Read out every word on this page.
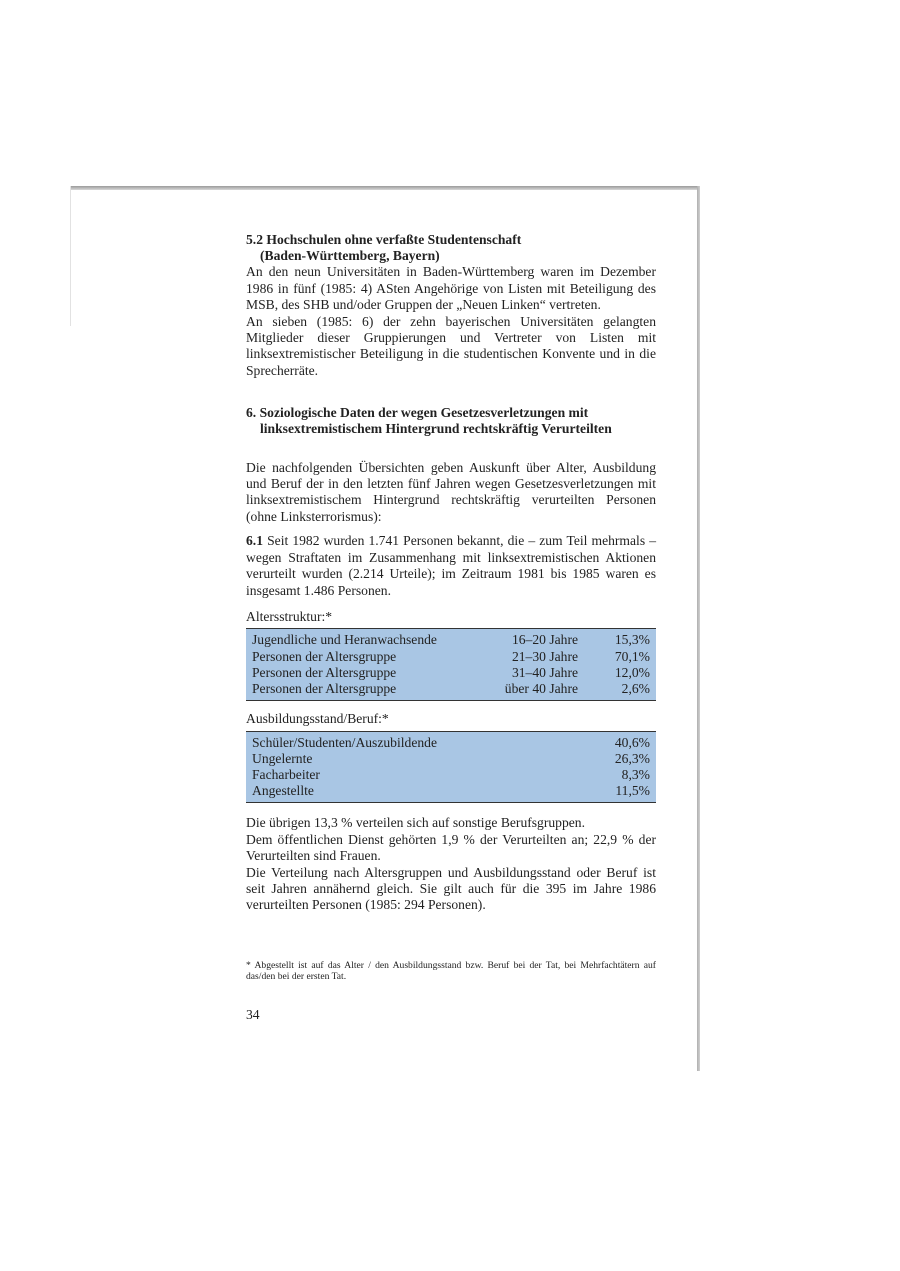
5.2 Hochschulen ohne verfaßte Studentenschaft
(Baden-Württemberg, Bayern)

An den neun Universitäten in Baden-Württemberg waren im Dezember 1986 in fünf (1985: 4) ASten Angehörige von Listen mit Beteiligung des MSB, des SHB und/oder Gruppen der „Neuen Linken“ vertreten.

An sieben (1985: 6) der zehn bayerischen Universitäten gelangten Mitglieder dieser Gruppierungen und Vertreter von Listen mit linksextremistischer Beteiligung in die studentischen Konvente und in die Sprecherräte.

6. Soziologische Daten der wegen Gesetzesverletzungen mit linksextremistischem Hintergrund rechtskräftig Verurteilten

Die nachfolgenden Übersichten geben Auskunft über Alter, Ausbildung und Beruf der in den letzten fünf Jahren wegen Gesetzesverletzungen mit linksextremistischem Hintergrund rechtskräftig verurteilten Personen (ohne Linksterrorismus):

6.1 Seit 1982 wurden 1.741 Personen bekannt, die – zum Teil mehrmals – wegen Straftaten im Zusammenhang mit linksextremistischen Aktionen verurteilt wurden (2.214 Urteile); im Zeitraum 1981 bis 1985 waren es insgesamt 1.486 Personen.

Altersstruktur:*
Jugendliche und Heranwachsende	16–20 Jahre	15,3%
Personen der Altersgruppe	21–30 Jahre	70,1%
Personen der Altersgruppe	31–40 Jahre	12,0%
Personen der Altersgruppe	über 40 Jahre	2,6%
Ausbildungsstand/Beruf:*
Schüler/Studenten/Auszubildende	40,6%
Ungelernte	26,3%
Facharbeiter	8,3%
Angestellte	11,5%

Die übrigen 13,3 % verteilen sich auf sonstige Berufsgruppen.

Dem öffentlichen Dienst gehörten 1,9 % der Verurteilten an; 22,9 % der Verurteilten sind Frauen.

Die Verteilung nach Altersgruppen und Ausbildungsstand oder Beruf ist seit Jahren annähernd gleich. Sie gilt auch für die 395 im Jahre 1986 verurteilten Personen (1985: 294 Personen).

* Abgestellt ist auf das Alter / den Ausbildungsstand bzw. Beruf bei der Tat, bei Mehrfachtätern auf das/den bei der ersten Tat.
34
